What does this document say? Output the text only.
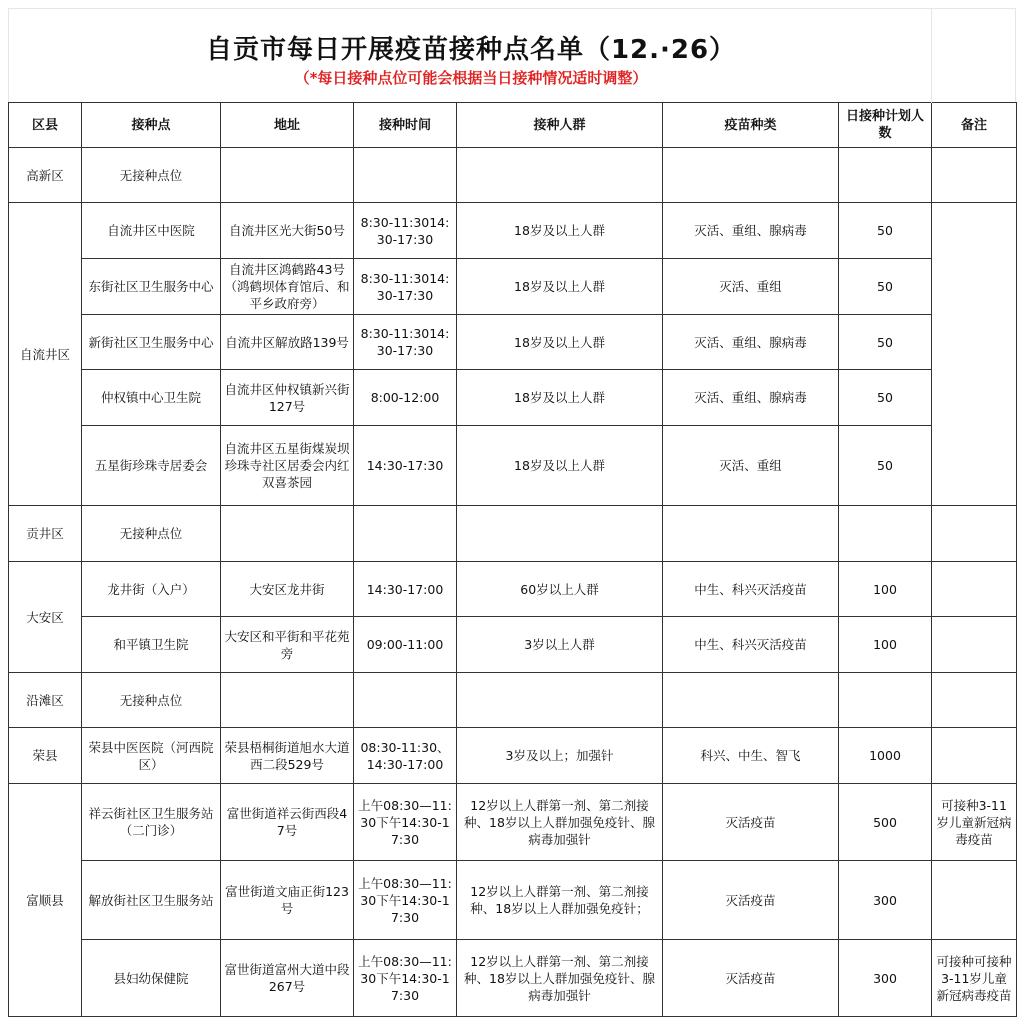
自贡市每日开展疫苗接种点名单（12.·26）
（*每日接种点位可能会根据当日接种情况适时调整）
区县	接种点	地址	接种时间	接种人群	疫苗种类	日接种计划人数	备注
高新区	无接种点位						
自流井区	自流井区中医院	自流井区光大街50号	8:30-11:3014:30-17:30	18岁及以上人群	灭活、重组、腺病毒	50	
	东街社区卫生服务中心	自流井区鸿鹤路43号（鸿鹤坝体育馆后、和平乡政府旁）	8:30-11:3014:30-17:30	18岁及以上人群	灭活、重组	50	
	新街社区卫生服务中心	自流井区解放路139号	8:30-11:3014:30-17:30	18岁及以上人群	灭活、重组、腺病毒	50	
	仲权镇中心卫生院	自流井区仲权镇新兴街127号	8:00-12:00	18岁及以上人群	灭活、重组、腺病毒	50	
	五星街珍珠寺居委会	自流井区五星街煤炭坝珍珠寺社区居委会内红双喜茶园	14:30-17:30	18岁及以上人群	灭活、重组	50	
贡井区	无接种点位						
大安区	龙井街（入户）	大安区龙井街	14:30-17:00	60岁以上人群	中生、科兴灭活疫苗	100	
	和平镇卫生院	大安区和平街和平花苑旁	09:00-11:00	3岁以上人群	中生、科兴灭活疫苗	100	
沿滩区	无接种点位						
荣县	荣县中医医院（河西院区）	荣县梧桐街道旭水大道西二段529号	08:30-11:30、14:30-17:00	3岁及以上；加强针	科兴、中生、智飞	1000	
富顺县	祥云街社区卫生服务站（二门诊）	富世街道祥云街西段47号	上午08:30—11:30下午14:30-17:30	12岁以上人群第一剂、第二剂接种、18岁以上人群加强免疫针、腺病毒加强针	灭活疫苗	500	可接种3-11岁儿童新冠病毒疫苗
	解放街社区卫生服务站	富世街道文庙正街123号	上午08:30—11:30下午14:30-17:30	12岁以上人群第一剂、第二剂接种、18岁以上人群加强免疫针；	灭活疫苗	300	
	县妇幼保健院	富世街道富州大道中段267号	上午08:30—11:30下午14:30-17:30	12岁以上人群第一剂、第二剂接种、18岁以上人群加强免疫针、腺病毒加强针	灭活疫苗	300	可接种可接种3-11岁儿童新冠病毒疫苗
